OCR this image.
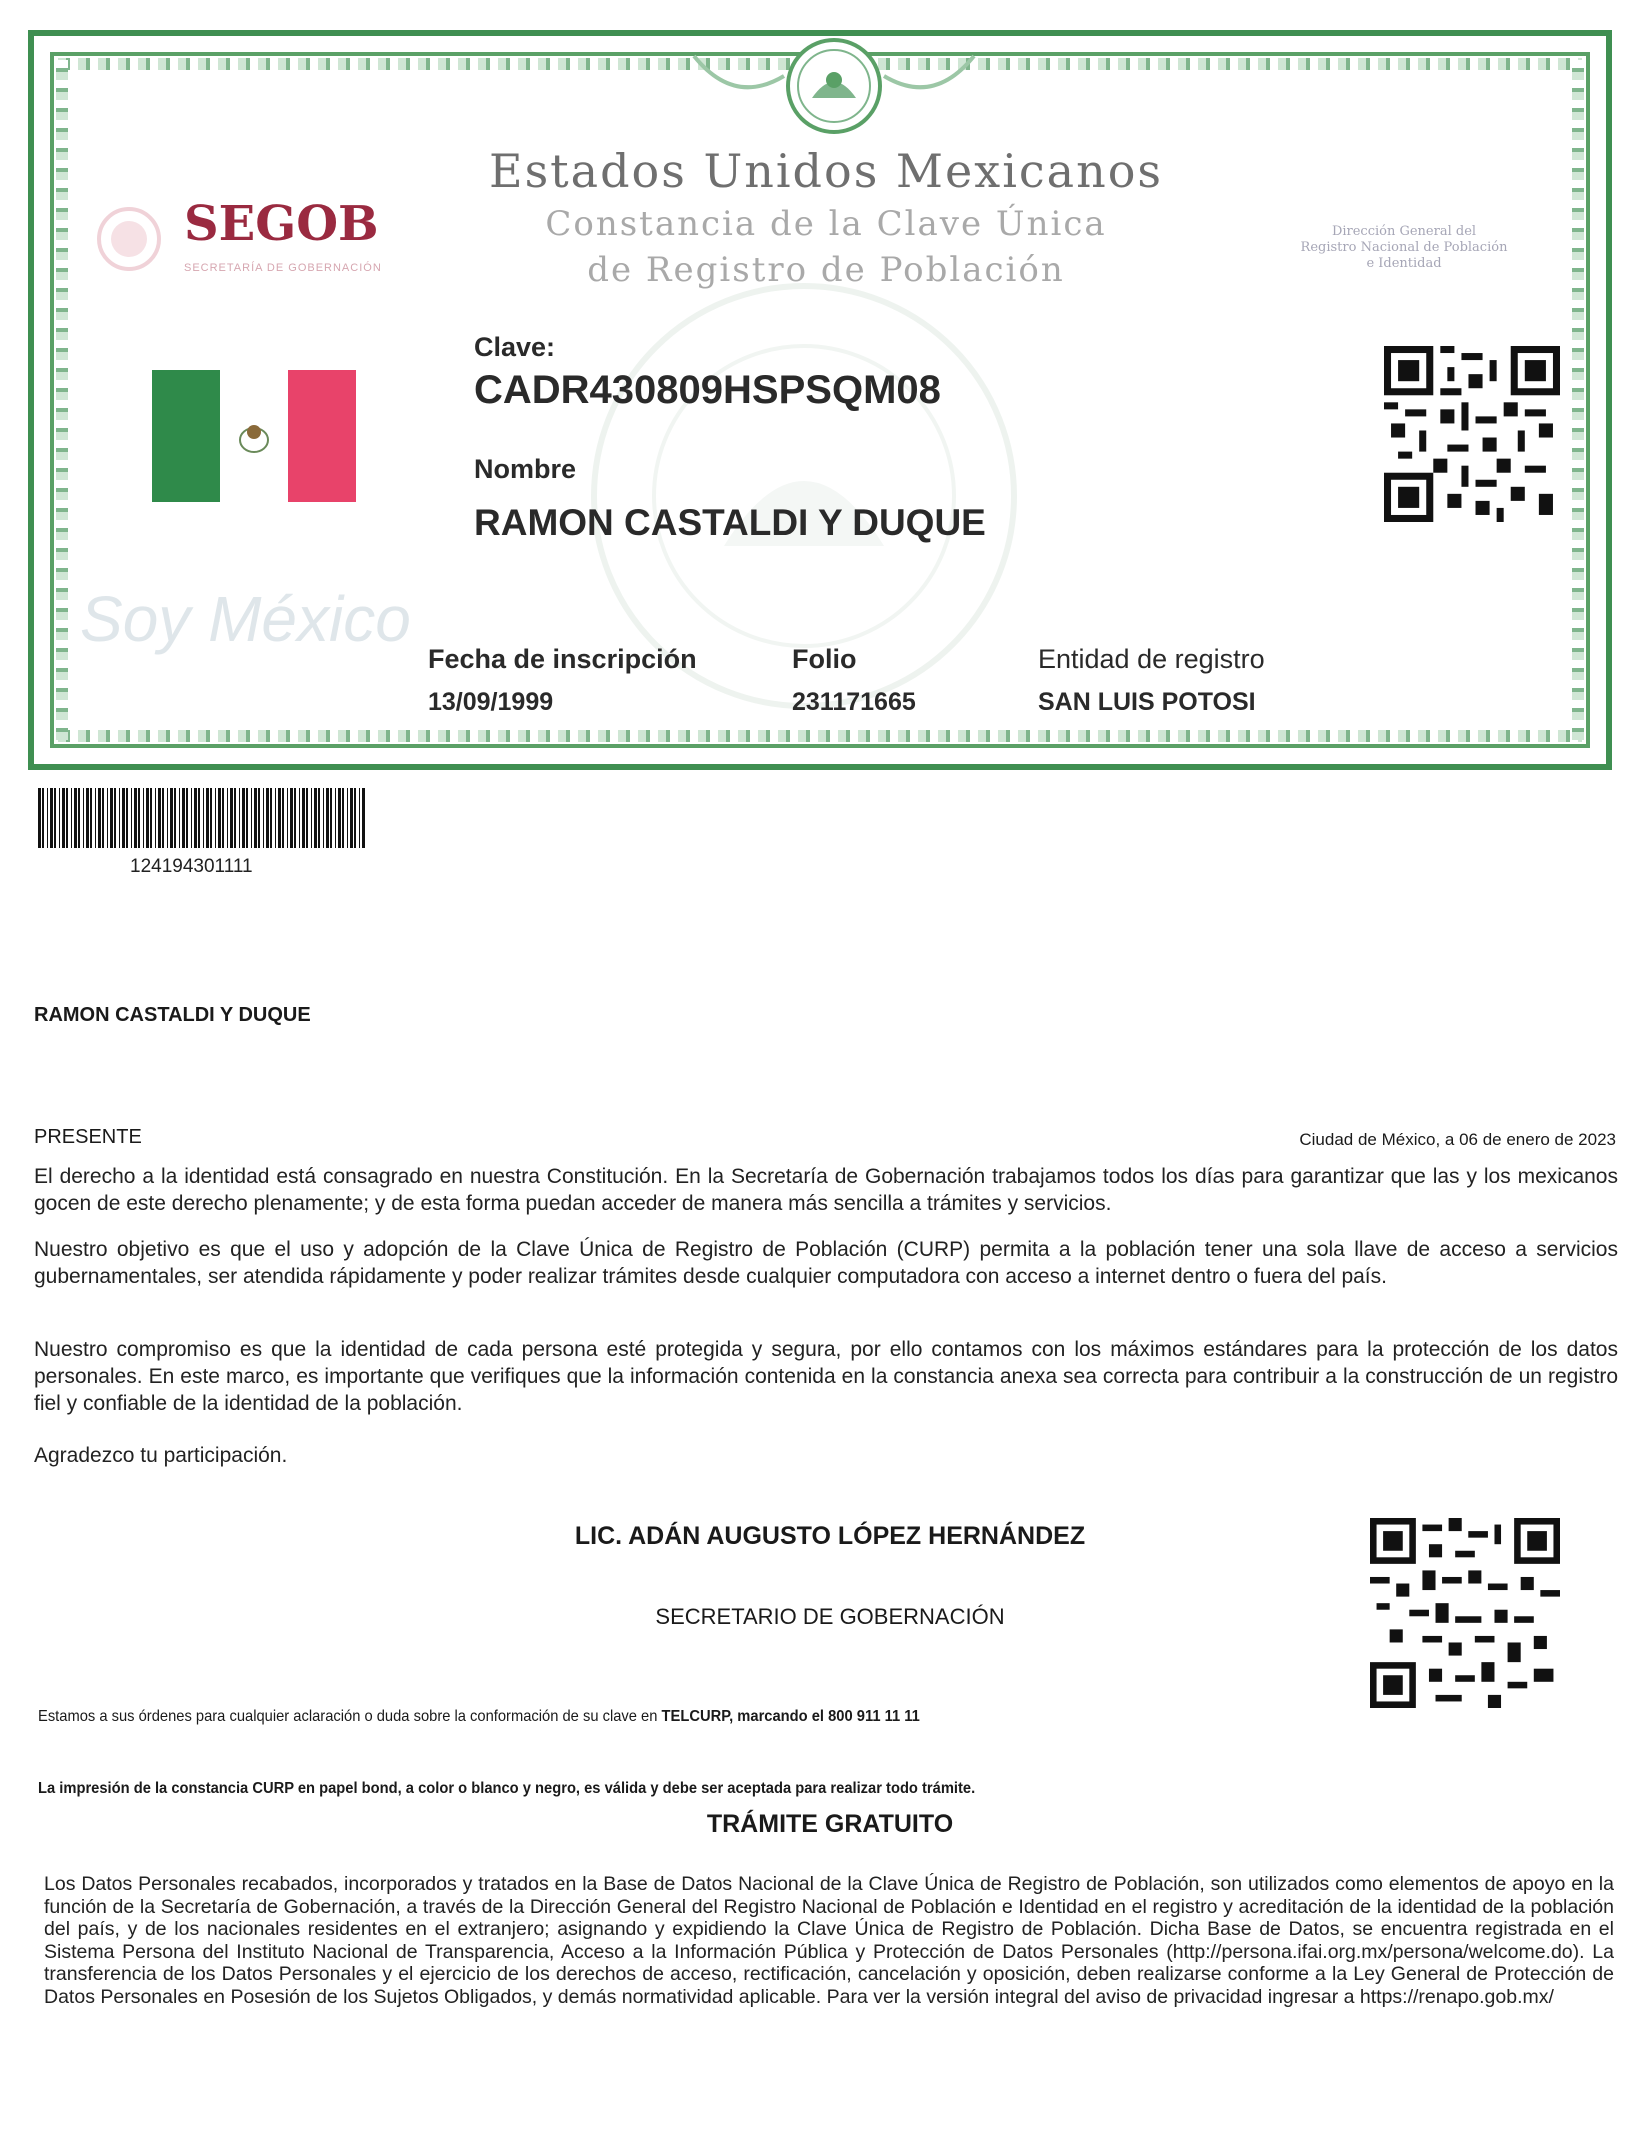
Estados Unidos Mexicanos
Constancia de la Clave Única
de Registro de Población
SEGOB
SECRETARÍA DE GOBERNACIÓN
Dirección General del
Registro Nacional de Población
e Identidad
Soy México
Clave:
CADR430809HSPSQM08
Nombre
RAMON CASTALDI Y DUQUE
Fecha de inscripción
13/09/1999
Folio
231171665
Entidad de registro
SAN LUIS POTOSI
124194301111
RAMON CASTALDI Y DUQUE
PRESENTE	Ciudad de México, a 06 de enero de 2023
El derecho a la identidad está consagrado en nuestra Constitución. En la Secretaría de Gobernación trabajamos todos los días para garantizar que las y los mexicanos gocen de este derecho plenamente; y de esta forma puedan acceder de manera más sencilla a trámites y servicios.
Nuestro objetivo es que el uso y adopción de la Clave Única de Registro de Población (CURP) permita a la población tener una sola llave de acceso a servicios gubernamentales, ser atendida rápidamente y poder realizar trámites desde cualquier computadora con acceso a internet dentro o fuera del país.
Nuestro compromiso es que la identidad de cada persona esté protegida y segura, por ello contamos con los máximos estándares para la protección de los datos personales. En este marco, es importante que verifiques que la información contenida en la constancia anexa sea correcta para contribuir a la construcción de un registro fiel y confiable de la identidad de la población.
Agradezco tu participación.
LIC. ADÁN AUGUSTO LÓPEZ HERNÁNDEZ
SECRETARIO DE GOBERNACIÓN
Estamos a sus órdenes para cualquier aclaración o duda sobre la conformación de su clave en TELCURP, marcando el 800 911 11 11
La impresión de la constancia CURP en papel bond, a color o blanco y negro, es válida y debe ser aceptada para realizar todo trámite.
TRÁMITE GRATUITO
Los Datos Personales recabados, incorporados y tratados en la Base de Datos Nacional de la Clave Única de Registro de Población, son utilizados como elementos de apoyo en la función de la Secretaría de Gobernación, a través de la Dirección General del Registro Nacional de Población e Identidad en el registro y acreditación de la identidad de la población del país, y de los nacionales residentes en el extranjero; asignando y expidiendo la Clave Única de Registro de Población. Dicha Base de Datos, se encuentra registrada en el Sistema Persona del Instituto Nacional de Transparencia, Acceso a la Información Pública y Protección de Datos Personales (http://persona.ifai.org.mx/persona/welcome.do). La transferencia de los Datos Personales y el ejercicio de los derechos de acceso, rectificación, cancelación y oposición, deben realizarse conforme a la Ley General de Protección de Datos Personales en Posesión de los Sujetos Obligados, y demás normatividad aplicable. Para ver la versión integral del aviso de privacidad ingresar a https://renapo.gob.mx/
